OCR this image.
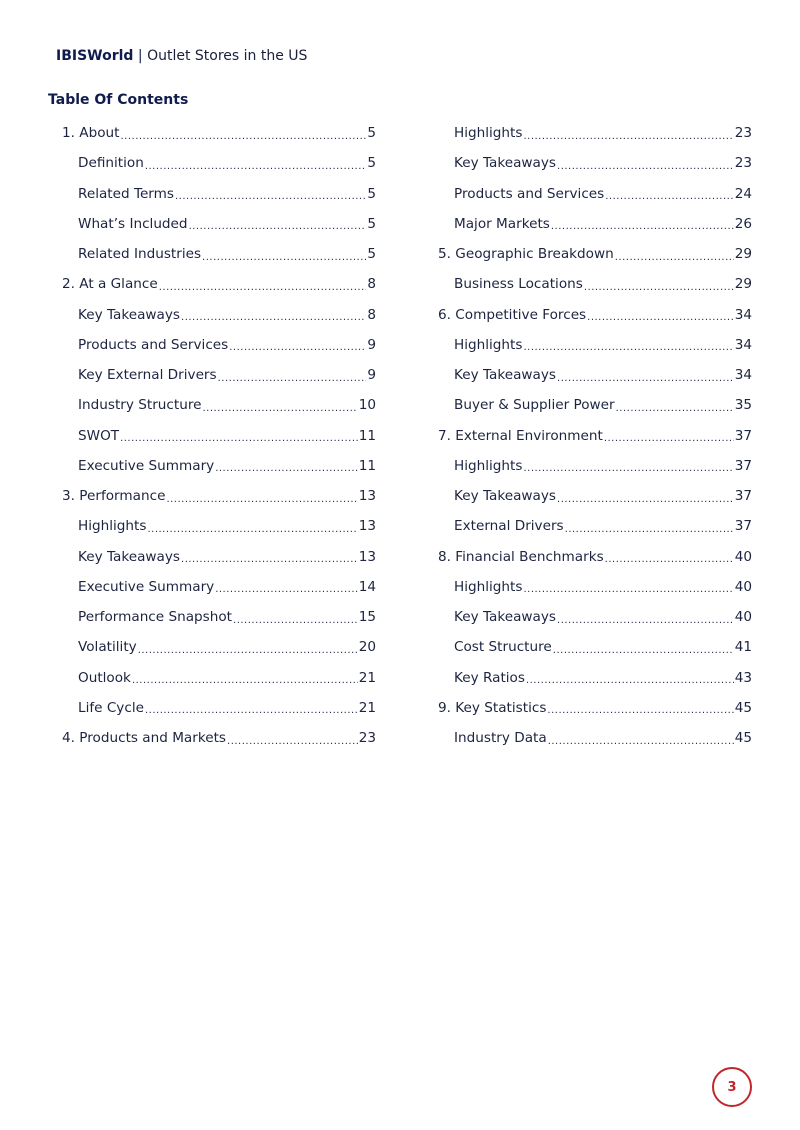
IBISWorld | Outlet Stores in the US
Table Of Contents
1. About .....	5
Definition .....	5
Related Terms .....	5
What’s Included .....	5
Related Industries .....	5
2. At a Glance .....	8
Key Takeaways .....	8
Products and Services .....	9
Key External Drivers .....	9
Industry Structure .....	10
SWOT .....	11
Executive Summary .....	11
3. Performance .....	13
Highlights .....	13
Key Takeaways .....	13
Executive Summary .....	14
Performance Snapshot .....	15
Volatility .....	20
Outlook .....	21
Life Cycle .....	21
4. Products and Markets .....	23
Highlights .....	23
Key Takeaways .....	23
Products and Services .....	24
Major Markets .....	26
5. Geographic Breakdown .....	29
Business Locations .....	29
6. Competitive Forces .....	34
Highlights .....	34
Key Takeaways .....	34
Buyer & Supplier Power .....	35
7. External Environment .....	37
Highlights .....	37
Key Takeaways .....	37
External Drivers .....	37
8. Financial Benchmarks .....	40
Highlights .....	40
Key Takeaways .....	40
Cost Structure .....	41
Key Ratios .....	43
9. Key Statistics .....	45
Industry Data .....	45
3
